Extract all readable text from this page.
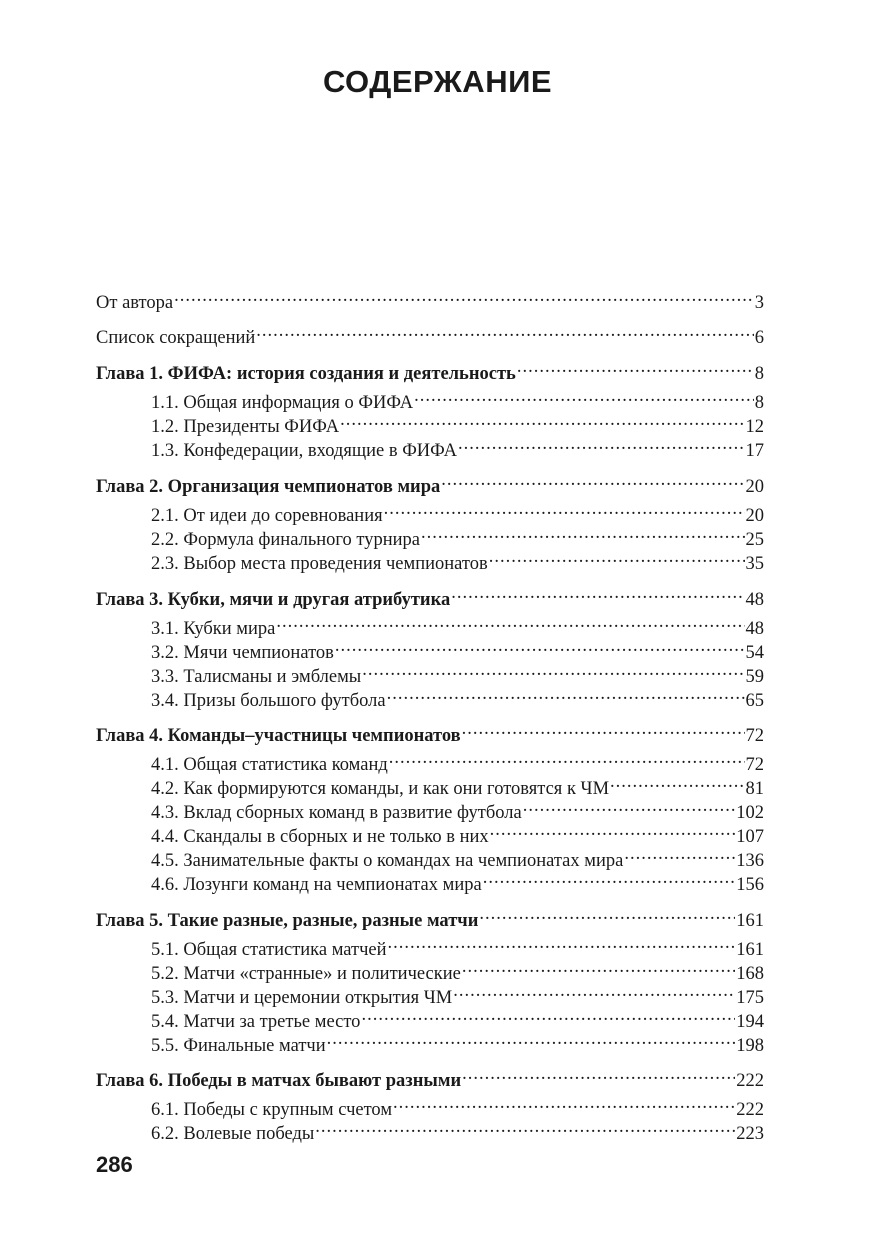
СОДЕРЖАНИЕ
От автора .....	3
Список сокращений .....	6
Глава 1. ФИФА: история создания и деятельность .....	8
1.1. Общая информация о ФИФА .....	8
1.2. Президенты ФИФА .....	12
1.3. Конфедерации, входящие в ФИФА .....	17
Глава 2. Организация чемпионатов мира .....	20
2.1. От идеи до соревнования .....	20
2.2. Формула финального турнира .....	25
2.3. Выбор места проведения чемпионатов .....	35
Глава 3. Кубки, мячи и другая атрибутика .....	48
3.1. Кубки мира .....	48
3.2. Мячи чемпионатов .....	54
3.3. Талисманы и эмблемы .....	59
3.4. Призы большого футбола .....	65
Глава 4. Команды–участницы чемпионатов .....	72
4.1. Общая статистика команд .....	72
4.2. Как формируются команды, и как они готовятся к ЧМ .....	81
4.3. Вклад сборных команд в развитие футбола .....	102
4.4. Скандалы в сборных и не только в них .....	107
4.5. Занимательные факты о командах на чемпионатах мира .....	136
4.6. Лозунги команд на чемпионатах мира .....	156
Глава 5. Такие разные, разные, разные матчи .....	161
5.1. Общая статистика матчей .....	161
5.2. Матчи «странные» и политические .....	168
5.3. Матчи и церемонии открытия ЧМ .....	175
5.4. Матчи за третье место .....	194
5.5. Финальные матчи .....	198
Глава 6. Победы в матчах бывают разными .....	222
6.1. Победы с крупным счетом .....	222
6.2. Волевые победы .....	223
286
